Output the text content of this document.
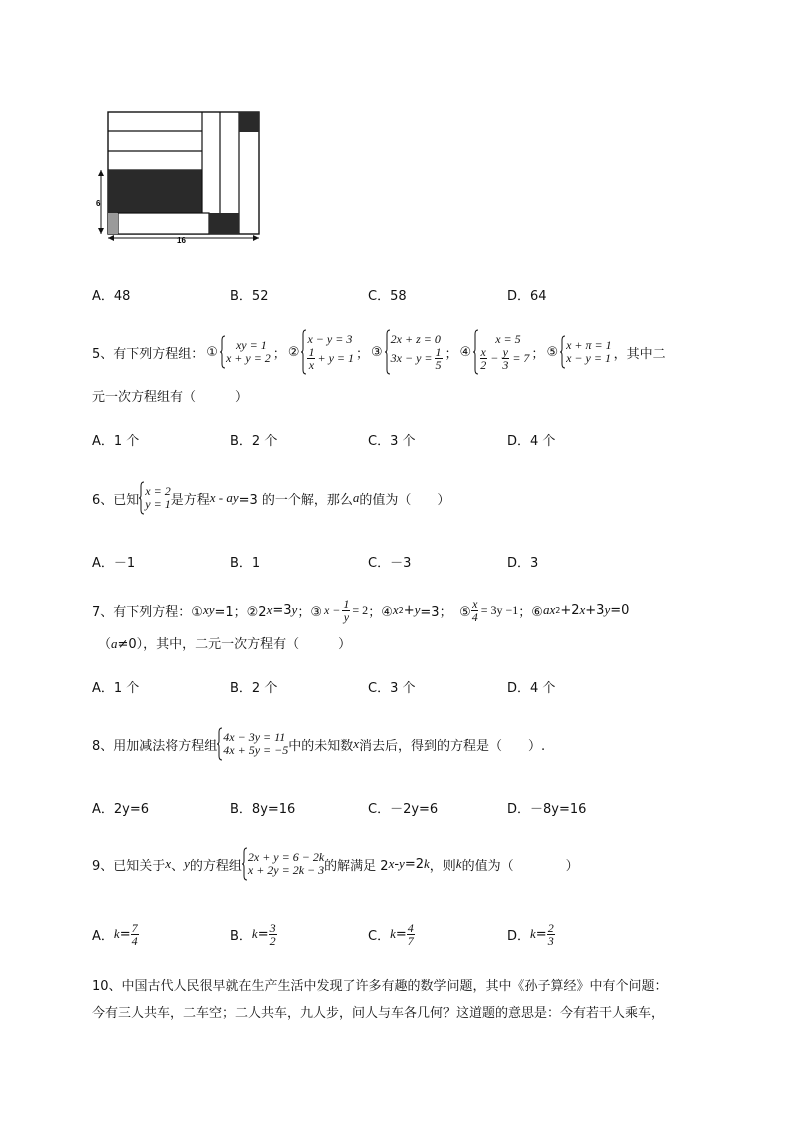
6
16
A．48	B．52	C．58	D．64
5、有下列方程组： ①	xy = 1
x + y = 2 ； ②
x − y = 3
$\frac{1}{x} + y = 1$ ； ③
2x + z = 0
$3x - y = \frac{1}{5}$ ； ④
x = 5
$\frac{x}{2} - \frac{y}{3} = 7$ ； ⑤ x + π = 1
x − y = 1 ，其中二
元一次方程组有（　　　）
A．1 个	B．2 个	C．3 个	D．4 个
6、已知
x = 2
y = 1 是方程 x - ay =3 的一个解，那么 a 的值为（　　）
A．－1	B．1	C．－3	D．3
7、有下列方程：① xy =1；②2 x =3 y ；③ $x - \frac{1}{y} = 2$ ；④ x 2 + y =3；　⑤ $\frac{x}{4} = 3y -1$ ；⑥ ax 2 +2 x +3 y =0
（a≠0），其中，二元一次方程有（　　　）
A．1 个	B．2 个	C．3 个	D．4 个
8、用加减法将方程组
4x − 3y = 11
4x + 5y = −5 中的未知数 x 消去后，得到的方程是（　　）.
A．2y=6	B．8y=16	C．－2y=6	D．－8y=16
9、已知关于 x 、 y 的方程组
2x + y = 6 − 2k
x + 2y = 2k − 3 的解满足 2 x - y =2 k ，则 k 的值为（　　　　）
A． $k = \frac{7}{4}$	B． $k = \frac{3}{2}$	C． $k = \frac{4}{7}$	D． $k = \frac{2}{3}$
10、中国古代人民很早就在生产生活中发现了许多有趣的数学问题，其中《孙子算经》中有个问题：
今有三人共车，二车空；二人共车，九人步，问人与车各几何？这道题的意思是：今有若干人乘车，
